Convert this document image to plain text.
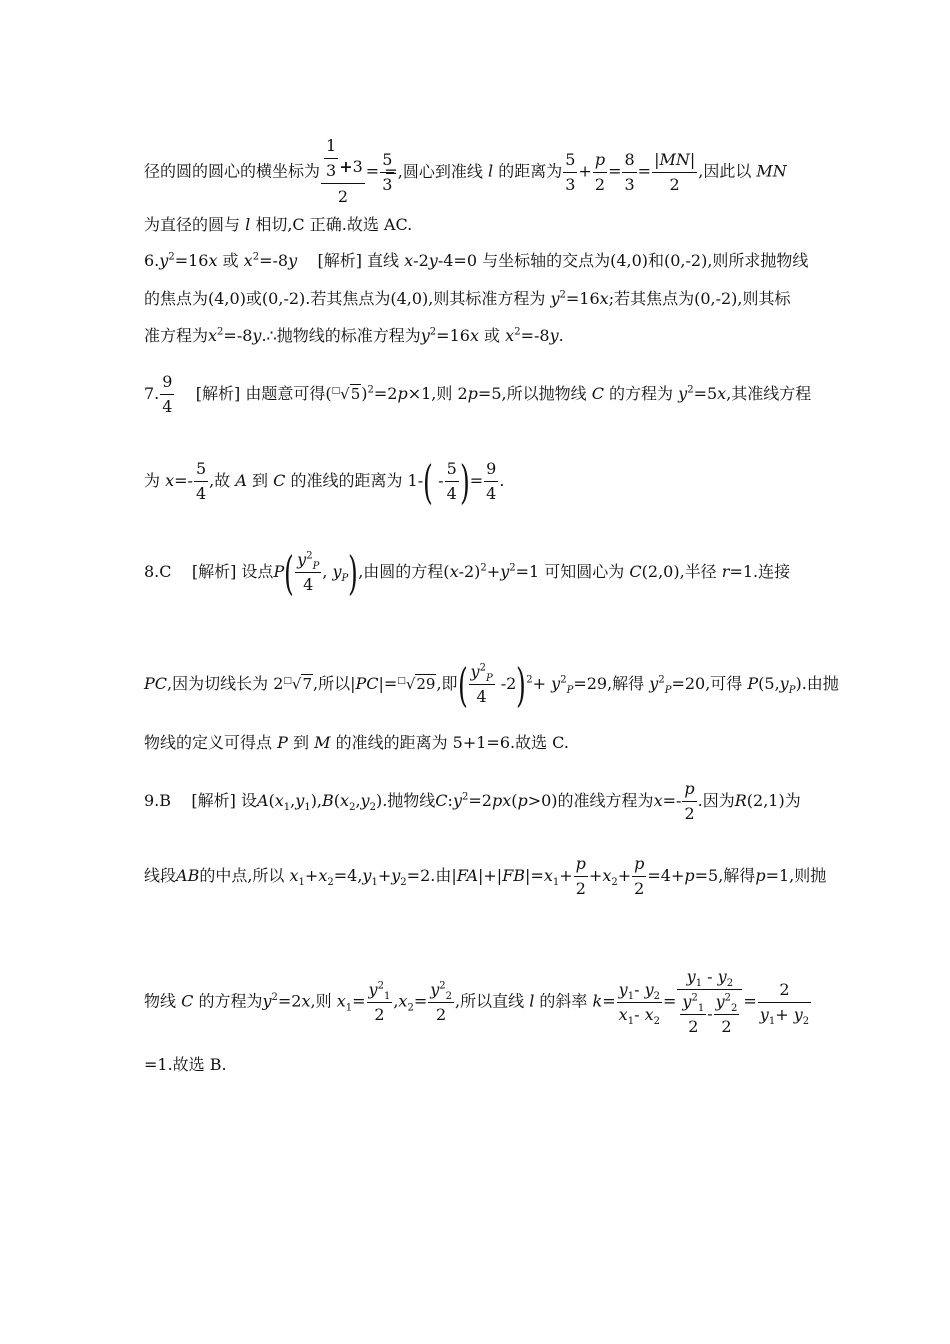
径的圆的圆心的横坐标为 $\frac{\frac{1}{3} +3}{2} = \frac{5}{3}$
=,圆心到准线 l 的距离为 $\frac{5}{3} + \frac{p}{2} = \frac{8}{3} = \frac{|MN|}{2}$ ,因此以 MN
为直径的圆与 l 相切,C 正确.故选 AC.
$6.y^2=16x$ 或 $x^2=-8y$ [解析] 直线 x-2y-4=0 与坐标轴的交点为(4,0)和(0,-2),则所求抛物线
的焦点为(4,0)或(0,-2).若其焦点为(4,0),则其标准方程为 $y^2=16x$;若其焦点为(0,-2),则其标
准方程为$x^2=-8y.\therefore$抛物线的标准方程为$y^2=16x$ 或 $x^2=-8y$.
7. $\frac{9}{4}$ [解析] 由题意可得$(^□√5)^2=2p\times 1$,则 2p=5,所以抛物线 C 的方程为 $y^2=5x$,其准线方程
为 $x=- \frac{5}{4}$ ,故 A 到 C 的准线的距离为 $1-( - \frac{5}{4}$ )= $\frac{9}{4}$ .
8.C [解析] 设点$P( \frac{y^2_P}{4}$ , $y_P$),由圆的方程$(x-2)^2+y^2=1$ 可知圆心为 C(2,0),半径 r=1.连接
PC,因为切线长为 2□√7,所以|PC|=□√29,即( $\frac{y^2_P}{4} -2)^2+ y^2_P=29$,解得 $y^2_P=20$,可得 $P(5,y_P)$.由抛
物线的定义可得点 P 到 M 的准线的距离为 5+1=6.故选 C.
9.B [解析] 设$A(x_1,y_1),B(x_2,y_2)$.抛物线$C:y^2=2px(p>0)$的准线方程为$x=- \frac{p}{2}$ .因为R(2,1)为
线段AB的中点,所以 $x_1+x_2=4,y_1+y_2=2$.由$|FA|+|FB|=x_1+ \frac{p}{2} +x_2+ \frac{p}{2} =4+p=5$,解得p=1,则抛
物线 C 的方程为$y^2=2x$,则 $x_1= \frac{y^2_1}{2} ,x_2= \frac{y^2_2}{2}$ ,所以直线 l 的斜率 $k= \frac{y_1- y_2}{x_1- x_2} = \frac{y_1 - y_2}{\frac{y^2_1}{2} - \frac{y^2_2}{2}} = \frac{2}{y_1+ y_2}$
=1.故选 B.
